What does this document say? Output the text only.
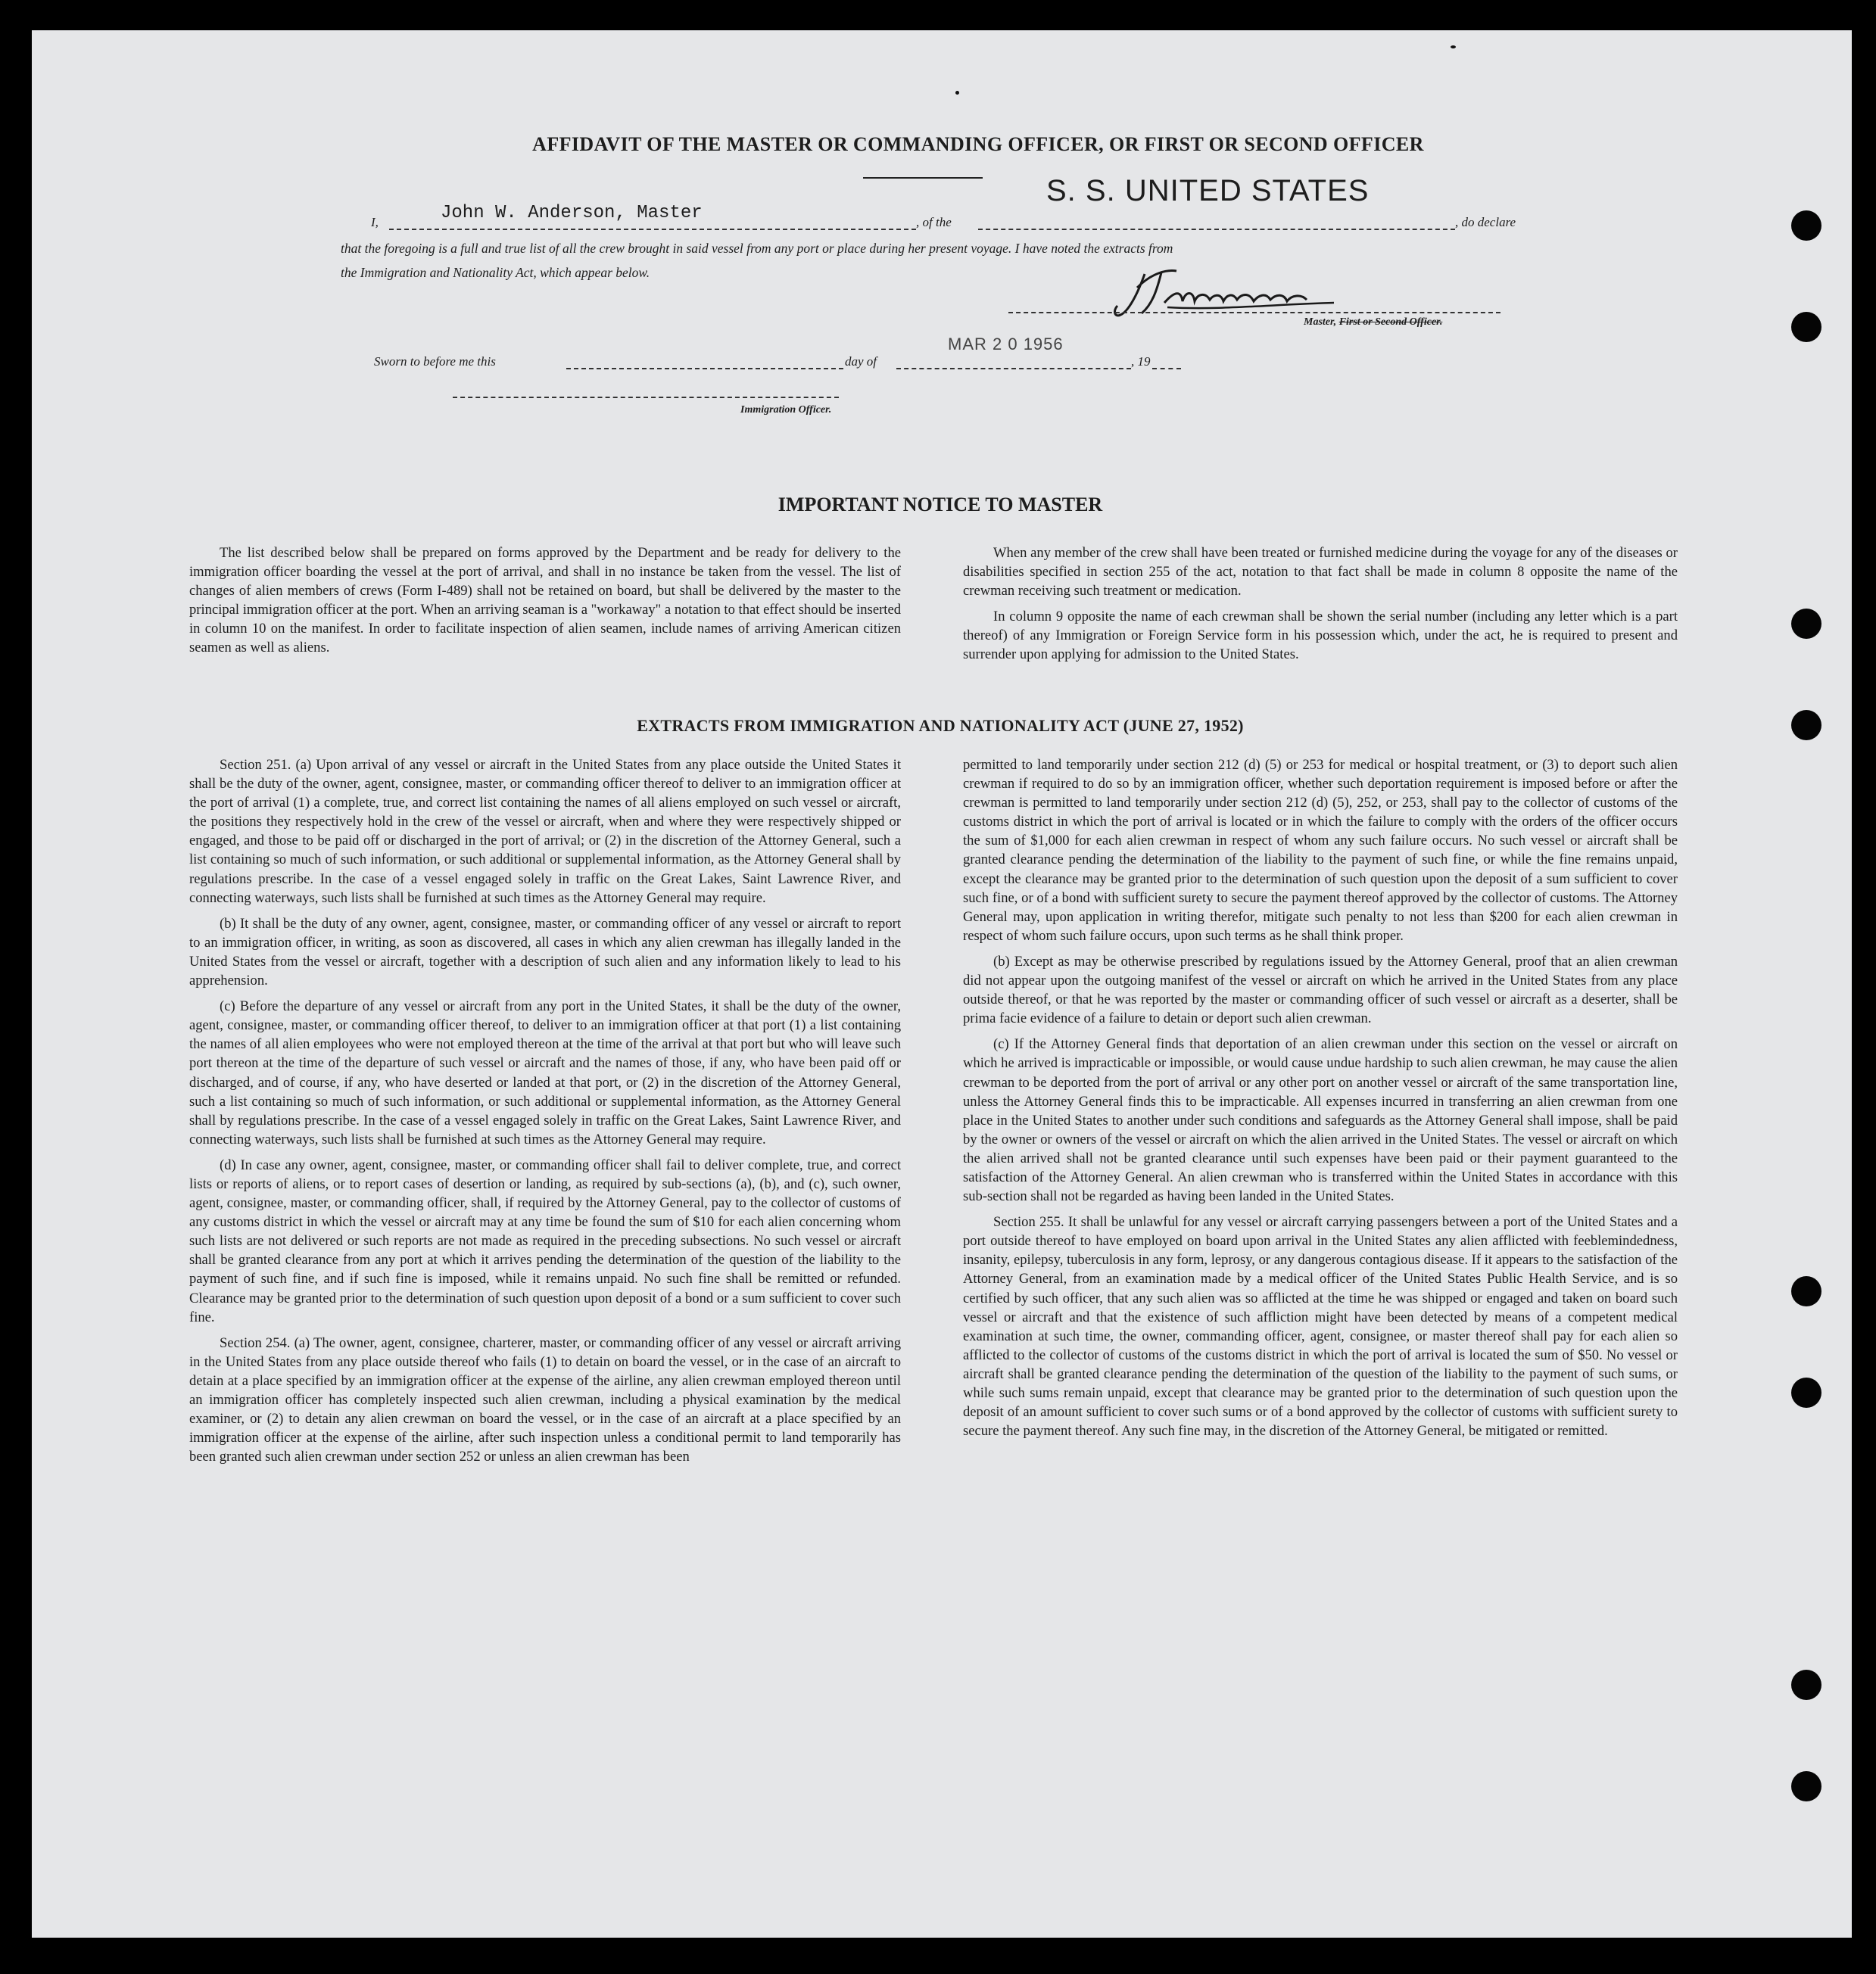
AFFIDAVIT OF THE MASTER OR COMMANDING OFFICER, OR FIRST OR SECOND OFFICER
I,	John W. Anderson, Master	, of the
S. S. UNITED STATES
, do declare
that the foregoing is a full and true list of all the crew brought in said vessel from any port or place during her present voyage. I have noted the extracts from
the Immigration and Nationality Act, which appear below.
Master, First or Second Officer.
Sworn to before me this	day of
MAR 2 0 1956
, 19
Immigration Officer.
IMPORTANT NOTICE TO MASTER

The list described below shall be prepared on forms approved by the Department and be ready for delivery to the immigration officer boarding the vessel at the port of arrival, and shall in no instance be taken from the vessel. The list of changes of alien members of crews (Form I-489) shall not be retained on board, but shall be delivered by the master to the principal immigration officer at the port. When an arriving seaman is a "workaway" a notation to that effect should be inserted in column 10 on the manifest. In order to facilitate inspection of alien seamen, include names of arriving American citizen seamen as well as aliens.

When any member of the crew shall have been treated or furnished medicine during the voyage for any of the diseases or disabilities specified in section 255 of the act, notation to that fact shall be made in column 8 opposite the name of the crewman receiving such treatment or medication.

In column 9 opposite the name of each crewman shall be shown the serial number (including any letter which is a part thereof) of any Immigration or Foreign Service form in his possession which, under the act, he is required to present and surrender upon applying for admission to the United States.

EXTRACTS FROM IMMIGRATION AND NATIONALITY ACT (JUNE 27, 1952)

Section 251. (a) Upon arrival of any vessel or aircraft in the United States from any place outside the United States it shall be the duty of the owner, agent, consignee, master, or commanding officer thereof to deliver to an immigration officer at the port of arrival (1) a complete, true, and correct list containing the names of all aliens employed on such vessel or aircraft, the positions they respectively hold in the crew of the vessel or aircraft, when and where they were respectively shipped or engaged, and those to be paid off or discharged in the port of arrival; or (2) in the discretion of the Attorney General, such a list containing so much of such information, or such additional or supplemental information, as the Attorney General shall by regulations prescribe. In the case of a vessel engaged solely in traffic on the Great Lakes, Saint Lawrence River, and connecting waterways, such lists shall be furnished at such times as the Attorney General may require.

(b) It shall be the duty of any owner, agent, consignee, master, or commanding officer of any vessel or aircraft to report to an immigration officer, in writing, as soon as discovered, all cases in which any alien crewman has illegally landed in the United States from the vessel or aircraft, together with a description of such alien and any information likely to lead to his apprehension.

(c) Before the departure of any vessel or aircraft from any port in the United States, it shall be the duty of the owner, agent, consignee, master, or commanding officer thereof, to deliver to an immigration officer at that port (1) a list containing the names of all alien employees who were not employed thereon at the time of the arrival at that port but who will leave such port thereon at the time of the departure of such vessel or aircraft and the names of those, if any, who have been paid off or discharged, and of course, if any, who have deserted or landed at that port, or (2) in the discretion of the Attorney General, such a list containing so much of such information, or such additional or supplemental information, as the Attorney General shall by regulations prescribe. In the case of a vessel engaged solely in traffic on the Great Lakes, Saint Lawrence River, and connecting waterways, such lists shall be furnished at such times as the Attorney General may require.

(d) In case any owner, agent, consignee, master, or commanding officer shall fail to deliver complete, true, and correct lists or reports of aliens, or to report cases of desertion or landing, as required by sub-sections (a), (b), and (c), such owner, agent, consignee, master, or commanding officer, shall, if required by the Attorney General, pay to the collector of customs of any customs district in which the vessel or aircraft may at any time be found the sum of $10 for each alien concerning whom such lists are not delivered or such reports are not made as required in the preceding subsections. No such vessel or aircraft shall be granted clearance from any port at which it arrives pending the determination of the question of the liability to the payment of such fine, and if such fine is imposed, while it remains unpaid. No such fine shall be remitted or refunded. Clearance may be granted prior to the determination of such question upon deposit of a bond or a sum sufficient to cover such fine.

Section 254. (a) The owner, agent, consignee, charterer, master, or commanding officer of any vessel or aircraft arriving in the United States from any place outside thereof who fails (1) to detain on board the vessel, or in the case of an aircraft to detain at a place specified by an immigration officer at the expense of the airline, any alien crewman employed thereon until an immigration officer has completely inspected such alien crewman, including a physical examination by the medical examiner, or (2) to detain any alien crewman on board the vessel, or in the case of an aircraft at a place specified by an immigration officer at the expense of the airline, after such inspection unless a conditional permit to land temporarily has been granted such alien crewman under section 252 or unless an alien crewman has been

permitted to land temporarily under section 212 (d) (5) or 253 for medical or hospital treatment, or (3) to deport such alien crewman if required to do so by an immigration officer, whether such deportation requirement is imposed before or after the crewman is permitted to land temporarily under section 212 (d) (5), 252, or 253, shall pay to the collector of customs of the customs district in which the port of arrival is located or in which the failure to comply with the orders of the officer occurs the sum of $1,000 for each alien crewman in respect of whom any such failure occurs. No such vessel or aircraft shall be granted clearance pending the determination of the liability to the payment of such fine, or while the fine remains unpaid, except the clearance may be granted prior to the determination of such question upon the deposit of a sum sufficient to cover such fine, or of a bond with sufficient surety to secure the payment thereof approved by the collector of customs. The Attorney General may, upon application in writing therefor, mitigate such penalty to not less than $200 for each alien crewman in respect of whom such failure occurs, upon such terms as he shall think proper.

(b) Except as may be otherwise prescribed by regulations issued by the Attorney General, proof that an alien crewman did not appear upon the outgoing manifest of the vessel or aircraft on which he arrived in the United States from any place outside thereof, or that he was reported by the master or commanding officer of such vessel or aircraft as a deserter, shall be prima facie evidence of a failure to detain or deport such alien crewman.

(c) If the Attorney General finds that deportation of an alien crewman under this section on the vessel or aircraft on which he arrived is impracticable or impossible, or would cause undue hardship to such alien crewman, he may cause the alien crewman to be deported from the port of arrival or any other port on another vessel or aircraft of the same transportation line, unless the Attorney General finds this to be impracticable. All expenses incurred in transferring an alien crewman from one place in the United States to another under such conditions and safeguards as the Attorney General shall impose, shall be paid by the owner or owners of the vessel or aircraft on which the alien arrived in the United States. The vessel or aircraft on which the alien arrived shall not be granted clearance until such expenses have been paid or their payment guaranteed to the satisfaction of the Attorney General. An alien crewman who is transferred within the United States in accordance with this sub-section shall not be regarded as having been landed in the United States.

Section 255. It shall be unlawful for any vessel or aircraft carrying passengers between a port of the United States and a port outside thereof to have employed on board upon arrival in the United States any alien afflicted with feeblemindedness, insanity, epilepsy, tuberculosis in any form, leprosy, or any dangerous contagious disease. If it appears to the satisfaction of the Attorney General, from an examination made by a medical officer of the United States Public Health Service, and is so certified by such officer, that any such alien was so afflicted at the time he was shipped or engaged and taken on board such vessel or aircraft and that the existence of such affliction might have been detected by means of a competent medical examination at such time, the owner, commanding officer, agent, consignee, or master thereof shall pay for each alien so afflicted to the collector of customs of the customs district in which the port of arrival is located the sum of $50. No vessel or aircraft shall be granted clearance pending the determination of the question of the liability to the payment of such sums, or while such sums remain unpaid, except that clearance may be granted prior to the determination of such question upon the deposit of an amount sufficient to cover such sums or of a bond approved by the collector of customs with sufficient surety to secure the payment thereof. Any such fine may, in the discretion of the Attorney General, be mitigated or remitted.
